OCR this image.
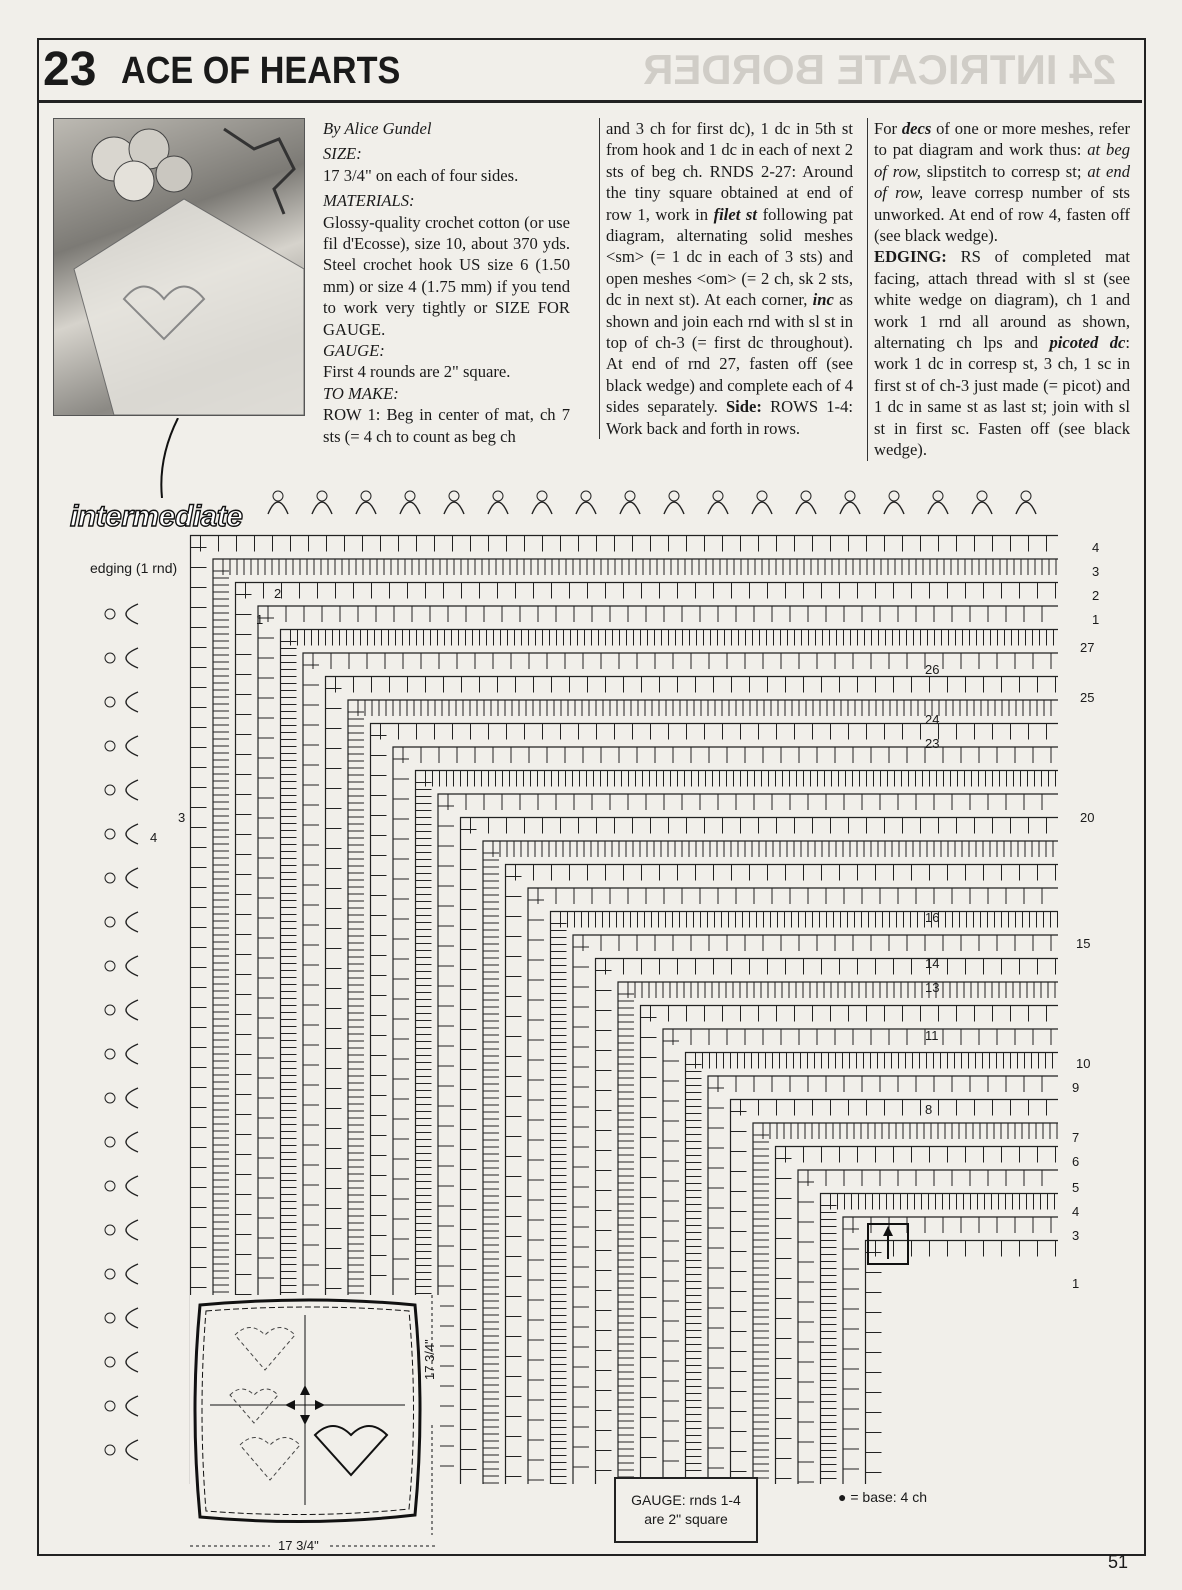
23 ACE OF HEARTS	24 INTRICATE BORDER

By Alice Gundel

SIZE:

17 3/4" on each of four sides.

MATERIALS:

Glossy-quality crochet cotton (or use fil d'Ecosse), size 10, about 370 yds. Steel crochet hook US size 6 (1.50 mm) or size 4 (1.75 mm) if you tend to work very tightly or SIZE FOR GAUGE.

GAUGE:

First 4 rounds are 2" square.

TO MAKE:

ROW 1: Beg in center of mat, ch 7 sts (= 4 ch to count as beg ch

and 3 ch for first dc), 1 dc in 5th st from hook and 1 dc in each of next 2 sts of beg ch. RNDS 2-27: Around the tiny square obtained at end of row 1, work in filet st following pat diagram, alternating solid meshes <sm> (= 1 dc in each of 3 sts) and open meshes <om> (= 2 ch, sk 2 sts, dc in next st). At each corner, inc as shown and join each rnd with sl st in top of ch-3 (= first dc throughout). At end of rnd 27, fasten off (see black wedge) and complete each of 4 sides separately. Side: ROWS 1-4: Work back and forth in rows.
For decs of one or more meshes, refer to pat diagram and work thus: at beg of row, slipstitch to corresp st; at end of row, leave corresp number of sts unworked. At end of row 4, fasten off (see black wedge).
EDGING: RS of completed mat facing, attach thread with sl st (see white wedge on diagram), ch 1 and work 1 rnd all around as shown, alternating ch lps and picoted dc: work 1 dc in corresp st, 3 ch, 1 sc in first st of ch-3 just made (= picot) and 1 dc in same st as last st; join with sl st in first sc. Fasten off (see black wedge).
intermediate
edging (1 rnd)
4
3
2
1
27
26
25
24
23
20
16
15
14
13
11
10
9
8
7
6
5
4
3
1
1
2
3
4
17 3/4"
17 3/4"
GAUGE: rnds 1-4
are 2" square
● = base: 4 ch
51
